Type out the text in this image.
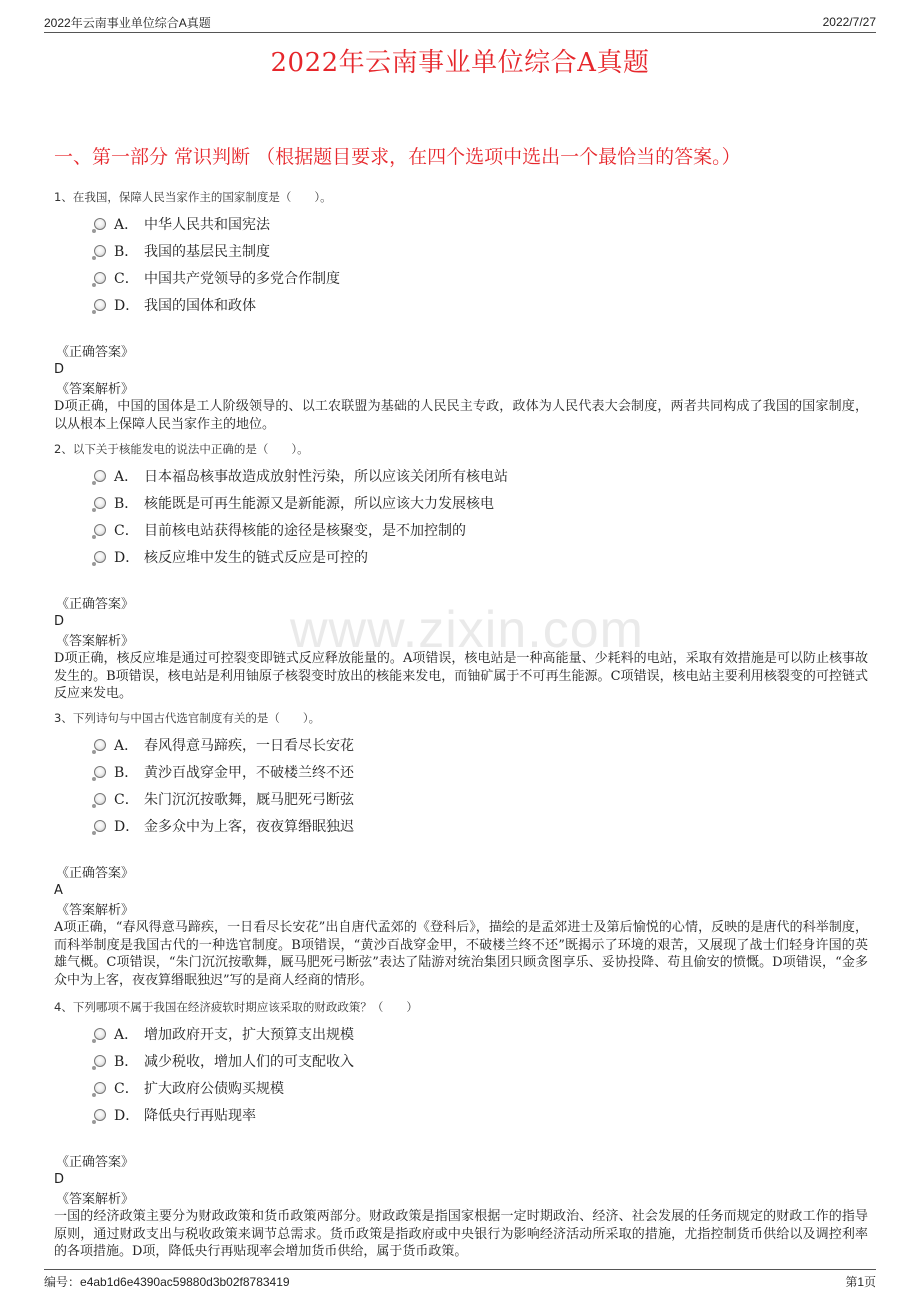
2022年云南事业单位综合A真题	2022/7/27
2022年云南事业单位综合A真题
一、第一部分 常识判断 （根据题目要求，在四个选项中选出一个最恰当的答案。）
www.zixin.com
1、在我国，保障人民当家作主的国家制度是（　　）。
A． 中华人民共和国宪法
B． 我国的基层民主制度
C． 中国共产党领导的多党合作制度
D． 我国的国体和政体
《正确答案》
D
《答案解析》
D项正确，中国的国体是工人阶级领导的、以工农联盟为基础的人民民主专政，政体为人民代表大会制度，两者共同构成了我国的国家制度，以从根本上保障人民当家作主的地位。
2、以下关于核能发电的说法中正确的是（　　）。
A． 日本福岛核事故造成放射性污染，所以应该关闭所有核电站
B． 核能既是可再生能源又是新能源，所以应该大力发展核电
C． 目前核电站获得核能的途径是核聚变，是不加控制的
D． 核反应堆中发生的链式反应是可控的
《正确答案》
D
《答案解析》
D项正确，核反应堆是通过可控裂变即链式反应释放能量的。A项错误，核电站是一种高能量、少耗料的电站，采取有效措施是可以防止核事故发生的。B项错误，核电站是利用铀原子核裂变时放出的核能来发电，而铀矿属于不可再生能源。C项错误，核电站主要利用核裂变的可控链式反应来发电。
3、下列诗句与中国古代选官制度有关的是（　　）。
A． 春风得意马蹄疾，一日看尽长安花
B． 黄沙百战穿金甲，不破楼兰终不还
C． 朱门沉沉按歌舞，厩马肥死弓断弦
D． 金多众中为上客，夜夜算缗眠独迟
《正确答案》
A
《答案解析》
A项正确，“春风得意马蹄疾，一日看尽长安花”出自唐代孟郊的《登科后》，描绘的是孟郊进士及第后愉悦的心情，反映的是唐代的科举制度，而科举制度是我国古代的一种选官制度。B项错误，“黄沙百战穿金甲，不破楼兰终不还”既揭示了环境的艰苦，又展现了战士们轻身许国的英雄气概。C项错误，“朱门沉沉按歌舞，厩马肥死弓断弦”表达了陆游对统治集团只顾贪图享乐、妥协投降、苟且偷安的愤慨。D项错误，“金多众中为上客，夜夜算缗眠独迟”写的是商人经商的情形。
4、下列哪项不属于我国在经济疲软时期应该采取的财政政策？（　　）
A． 增加政府开支，扩大预算支出规模
B． 减少税收，增加人们的可支配收入
C． 扩大政府公债购买规模
D． 降低央行再贴现率
《正确答案》
D
《答案解析》
一国的经济政策主要分为财政政策和货币政策两部分。财政政策是指国家根据一定时期政治、经济、社会发展的任务而规定的财政工作的指导原则，通过财政支出与税收政策来调节总需求。货币政策是指政府或中央银行为影响经济活动所采取的措施，尤指控制货币供给以及调控利率的各项措施。D项，降低央行再贴现率会增加货币供给，属于货币政策。
编号：e4ab1d6e4390ac59880d3b02f8783419	第1页
